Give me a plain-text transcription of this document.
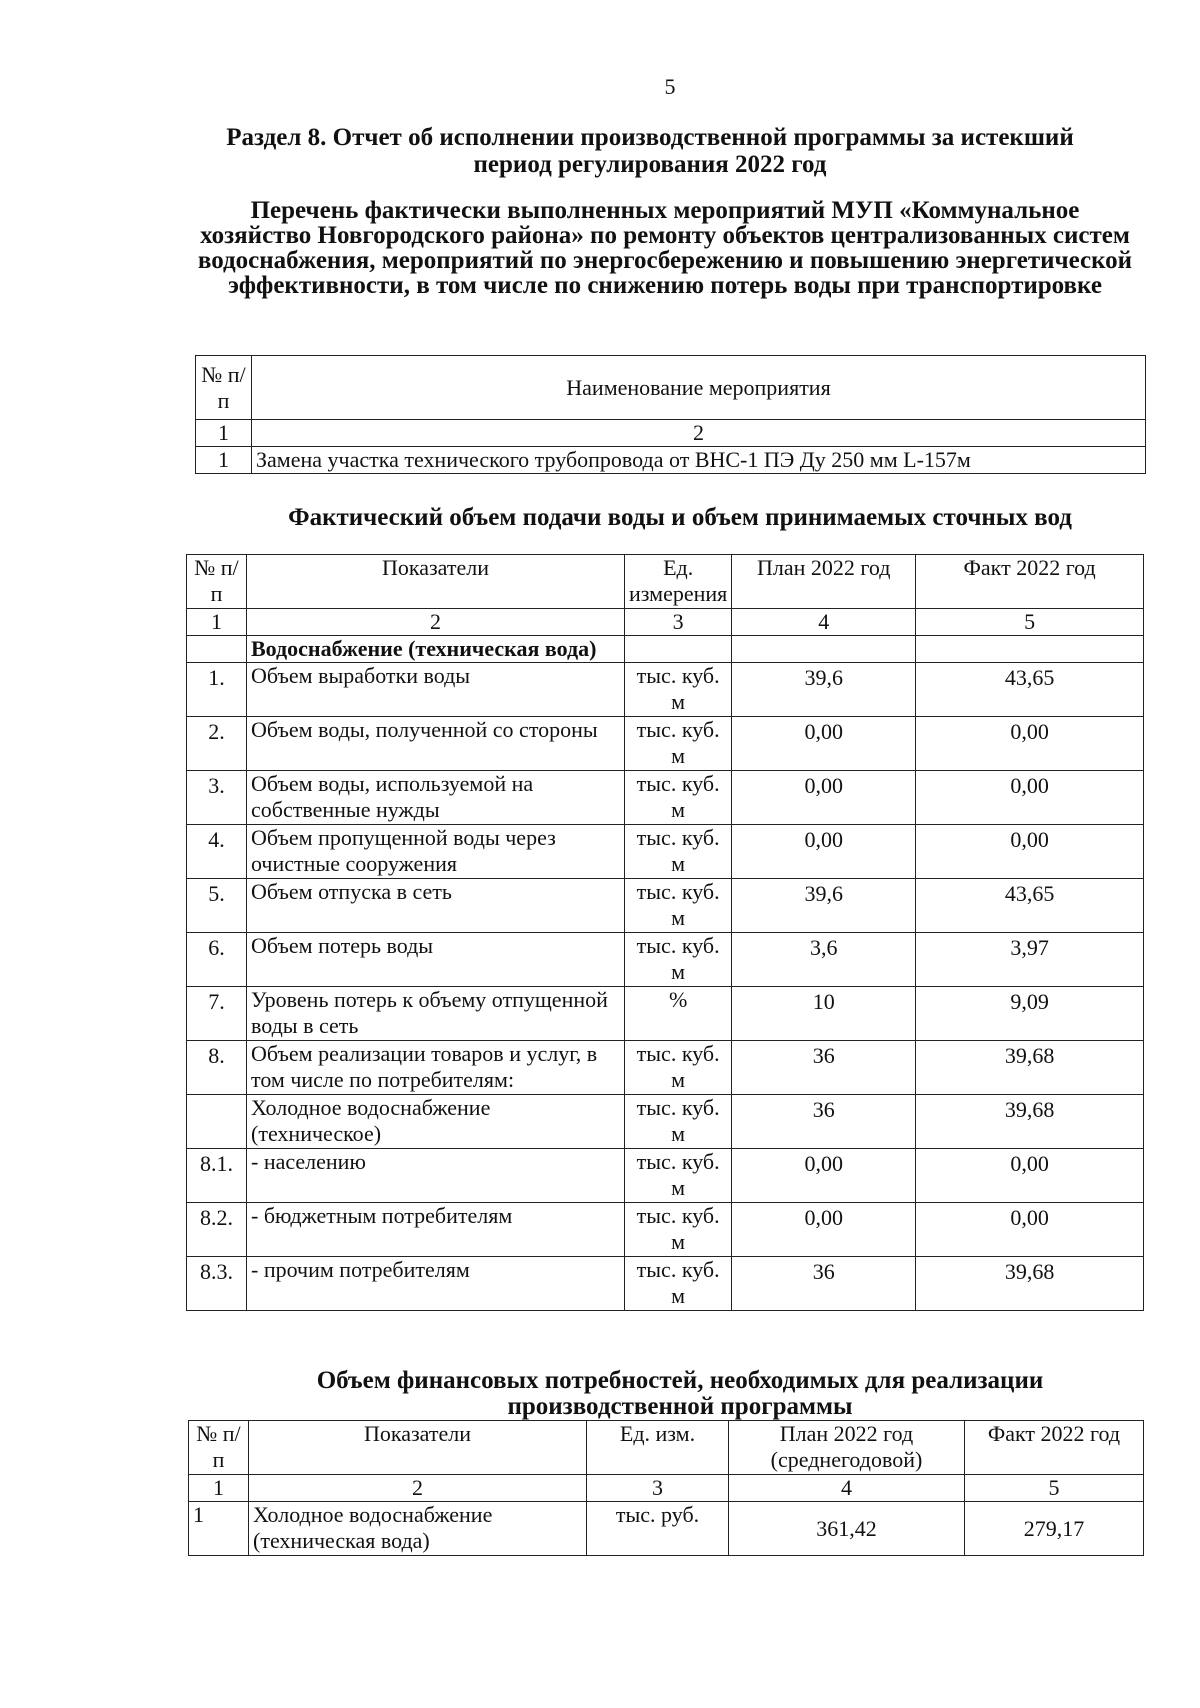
5
Раздел 8. Отчет об исполнении производственной программы за истекший период регулирования 2022 год
Перечень фактически выполненных мероприятий МУП «Коммунальное хозяйство Новгородского района» по ремонту объектов централизованных систем водоснабжения, мероприятий по энергосбережению и повышению энергетической эффективности, в том числе по снижению потерь воды при транспортировке
№ п/п	Наименование мероприятия
1	2
1	Замена участка технического трубопровода от ВНС-1 ПЭ Ду 250 мм L-157м
Фактический объем подачи воды и объем принимаемых сточных вод
№ п/п	Показатели	Ед. измерения	План 2022 год	Факт 2022 год
1	2	3	4	5
	Водоснабжение (техническая вода)			
1.	Объем выработки воды	тыс. куб. м	39,6	43,65
2.	Объем воды, полученной со стороны	тыс. куб. м	0,00	0,00
3.	Объем воды, используемой на собственные нужды	тыс. куб. м	0,00	0,00
4.	Объем пропущенной воды через очистные сооружения	тыс. куб. м	0,00	0,00
5.	Объем отпуска в сеть	тыс. куб. м	39,6	43,65
6.	Объем потерь воды	тыс. куб. м	3,6	3,97
7.	Уровень потерь к объему отпущенной воды в сеть	%	10	9,09
8.	Объем реализации товаров и услуг, в том числе по потребителям:	тыс. куб. м	36	39,68
	Холодное водоснабжение (техническое)	тыс. куб. м	36	39,68
8.1.	- населению	тыс. куб. м	0,00	0,00
8.2.	- бюджетным потребителям	тыс. куб. м	0,00	0,00
8.3.	- прочим потребителям	тыс. куб. м	36	39,68
Объем финансовых потребностей, необходимых для реализации производственной программы
№ п/п	Показатели	Ед. изм.	План 2022 год (среднегодовой)	Факт 2022 год
1	2	3	4	5
1	Холодное водоснабжение (техническая вода)	тыс. руб.	361,42	279,17
